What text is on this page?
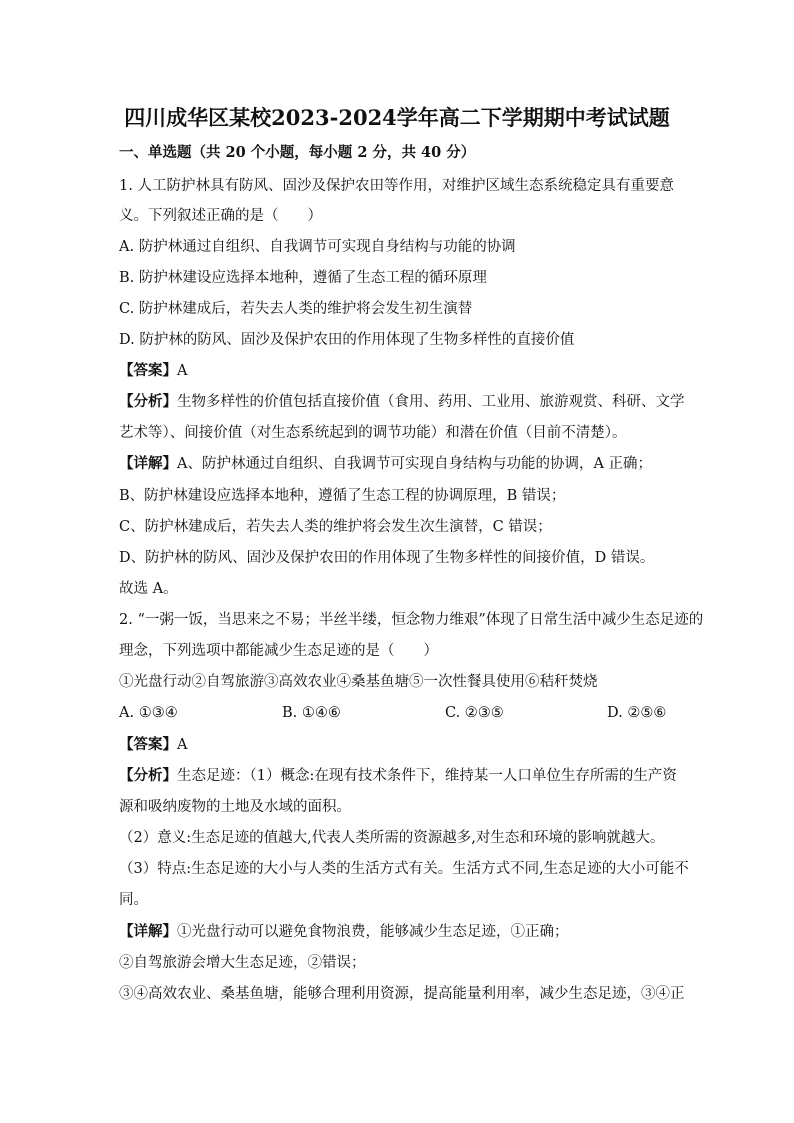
四川成华区某校2023-2024学年高二下学期期中考试试题
一、单选题（共 20 个小题，每小题 2 分，共 40 分）
1. 人工防护林具有防风、固沙及保护农田等作用，对维护区域生态系统稳定具有重要意
义。下列叙述正确的是（　　）
A. 防护林通过自组织、自我调节可实现自身结构与功能的协调
B. 防护林建设应选择本地种，遵循了生态工程的循环原理
C. 防护林建成后，若失去人类的维护将会发生初生演替
D. 防护林的防风、固沙及保护农田的作用体现了生物多样性的直接价值
【答案】A
【分析】生物多样性的价值包括直接价值（食用、药用、工业用、旅游观赏、科研、文学
艺术等）、间接价值（对生态系统起到的调节功能）和潜在价值（目前不清楚）。
【详解】A、防护林通过自组织、自我调节可实现自身结构与功能的协调，A 正确；
B、防护林建设应选择本地种，遵循了生态工程的协调原理，B 错误；
C、防护林建成后，若失去人类的维护将会发生次生演替，C 错误；
D、防护林的防风、固沙及保护农田的作用体现了生物多样性的间接价值，D 错误。
故选 A。
2. “一粥一饭，当思来之不易；半丝半缕，恒念物力维艰”体现了日常生活中减少生态足迹的
理念，下列选项中都能减少生态足迹的是（　　）
①光盘行动②自驾旅游③高效农业④桑基鱼塘⑤一次性餐具使用⑥秸秆焚烧
A. ①③④	B. ①④⑥	C. ②③⑤	D. ②⑤⑥
【答案】A
【分析】生态足迹：（1）概念:在现有技术条件下，维持某一人口单位生存所需的生产资
源和吸纳废物的土地及水域的面积。
（2）意义:生态足迹的值越大,代表人类所需的资源越多,对生态和环境的影响就越大。
（3）特点:生态足迹的大小与人类的生活方式有关。生活方式不同,生态足迹的大小可能不
同。
【详解】①光盘行动可以避免食物浪费，能够减少生态足迹，①正确；
②自驾旅游会增大生态足迹，②错误；
③④高效农业、桑基鱼塘，能够合理利用资源，提高能量利用率，减少生态足迹，③④正
